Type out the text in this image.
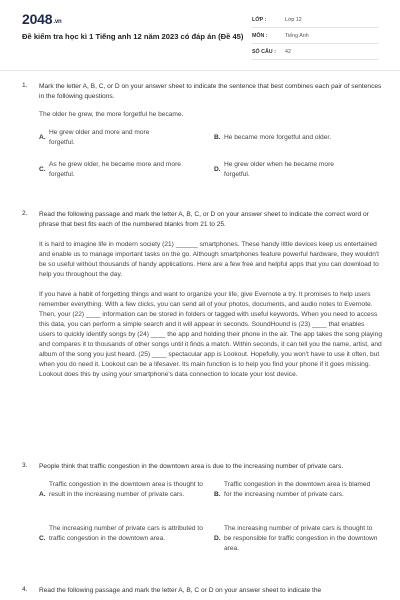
2048.vn
Đề kiểm tra học kì 1 Tiếng anh 12 năm 2023 có đáp án (Đề 45)
LỚP :	Lớp 12
MÔN :	Tiếng Anh
SỐ CÂU : 42
1. Mark the letter A, B, C, or D on your answer sheet to indicate the sentence that best combines each pair of sentences in the following questions.
The older he grew, the more forgetful he became.
A.
He grew older and more and more forgetful.
B. He became more forgetful and older.
C.
As he grew older, he became more and more forgetful.
D.
He grew older when he became more forgetful.
2. Read the following passage and mark the letter A, B, C, or D on your answer sheet to indicate the correct word or phrase that best fits each of the numbered blanks from 21 to 25.
It is hard to imagine life in modern society (21) ______ smartphones. These handy little devices keep us entertained and enable us to manage important tasks on the go. Although smartphones feature powerful hardware, they wouldn't be so useful without thousands of handy applications. Here are a few free and helpful apps that you can download to help you throughout the day.
If you have a habit of forgetting things and want to organize your life, give Evernote a try. It promises to help users remember everything. With a few clicks, you can send all of your photos, documents, and audio notes to Evernote. Then, your (22) ____ information can be stored in folders or tagged with useful keywords. When you need to access this data, you can perform a simple search and it will appear in seconds. SoundHound is (23) ____ that enables users to quickly identify songs by (24) ____ the app and holding their phone in the air. The app takes the song playing and compares it to thousands of other songs until it finds a match. Within seconds, it can tell you the name, artist, and album of the song you just heard. (25) ____ spectacular app is Lookout. Hopefully, you won't have to use it often, but when you do need it. Lookout can be a lifesaver. Its main function is to help you find your phone if it goes missing. Lookout does this by using your smartphone's data connection to locate your lost device.
3. People think that traffic congestion in the downtown area is due to the increasing number of private cars.
A.
Traffic congestion in the downtown area is thought to result in the increasing number of private cars.	B.
Traffic congestion in the downtown area is blamed for the increasing number of private cars.
C.
The increasing number of private cars is attributed to traffic congestion in the downtown area.	D.
The increasing number of private cars is thought to be responsible for traffic congestion in the downtown area.
4. Read the following passage and mark the letter A, B, C or D on your answer sheet to indicate the
